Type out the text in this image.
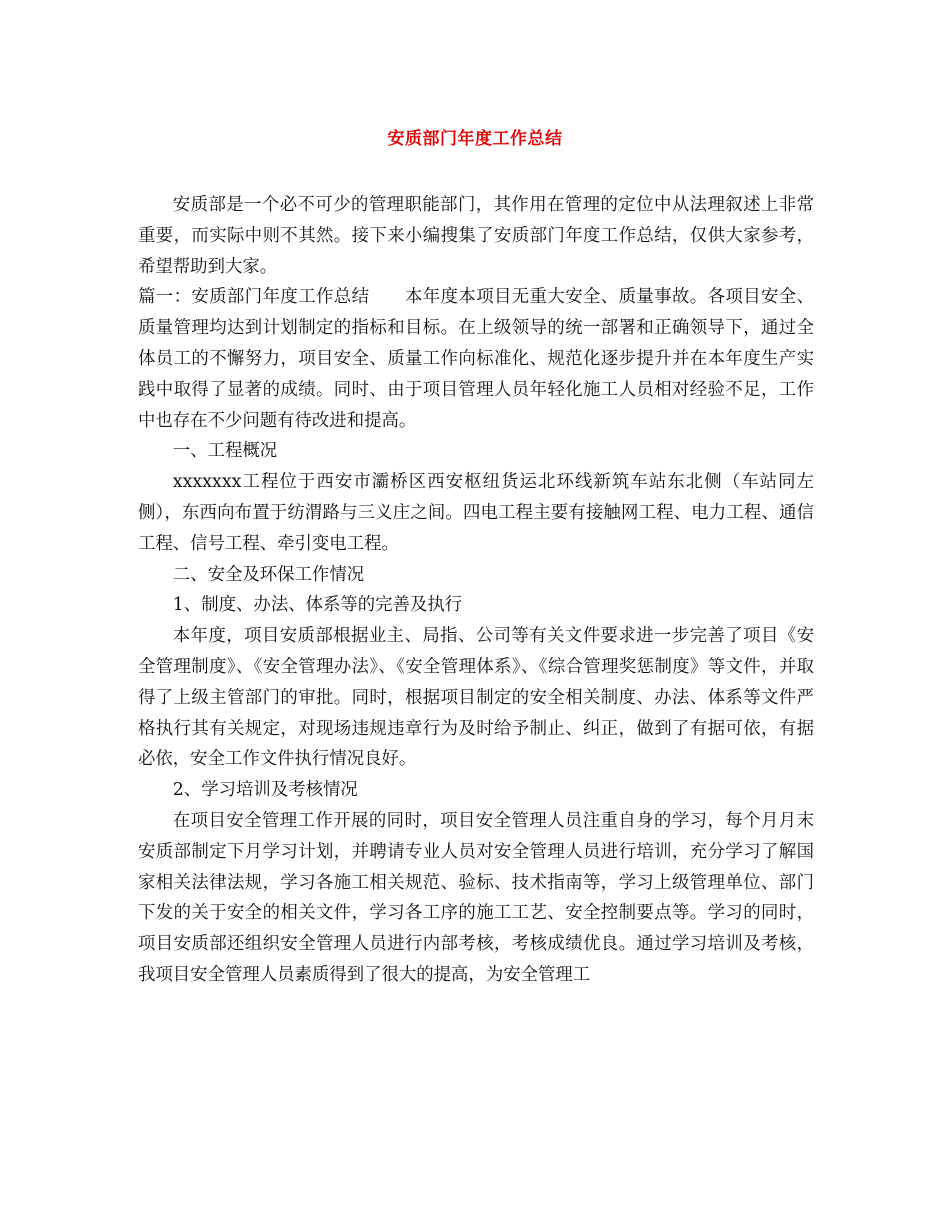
安质部门年度工作总结

安质部是一个必不可少的管理职能部门，其作用在管理的定位中从法理叙述上非常重要，而实际中则不其然。接下来小编搜集了安质部门年度工作总结，仅供大家参考，希望帮助到大家。

篇一：安质部门年度工作总结　　本年度本项目无重大安全、质量事故。各项目安全、质量管理均达到计划制定的指标和目标。在上级领导的统一部署和正确领导下，通过全体员工的不懈努力，项目安全、质量工作向标准化、规范化逐步提升并在本年度生产实践中取得了显著的成绩。同时、由于项目管理人员年轻化施工人员相对经验不足，工作中也存在不少问题有待改进和提高。

一、工程概况

xxxxxxx工程位于西安市灞桥区西安枢纽货运北环线新筑车站东北侧（车站同左侧），东西向布置于纺渭路与三义庄之间。四电工程主要有接触网工程、电力工程、通信工程、信号工程、牵引变电工程。

二、安全及环保工作情况

1、制度、办法、体系等的完善及执行

本年度，项目安质部根据业主、局指、公司等有关文件要求进一步完善了项目《安全管理制度》、《安全管理办法》、《安全管理体系》、《综合管理奖惩制度》等文件，并取得了上级主管部门的审批。同时，根据项目制定的安全相关制度、办法、体系等文件严格执行其有关规定，对现场违规违章行为及时给予制止、纠正，做到了有据可依，有据必依，安全工作文件执行情况良好。

2、学习培训及考核情况

在项目安全管理工作开展的同时，项目安全管理人员注重自身的学习，每个月月末安质部制定下月学习计划，并聘请专业人员对安全管理人员进行培训，充分学习了解国家相关法律法规，学习各施工相关规范、验标、技术指南等，学习上级管理单位、部门下发的关于安全的相关文件，学习各工序的施工工艺、安全控制要点等。学习的同时，项目安质部还组织安全管理人员进行内部考核，考核成绩优良。通过学习培训及考核，我项目安全管理人员素质得到了很大的提高，为安全管理工
